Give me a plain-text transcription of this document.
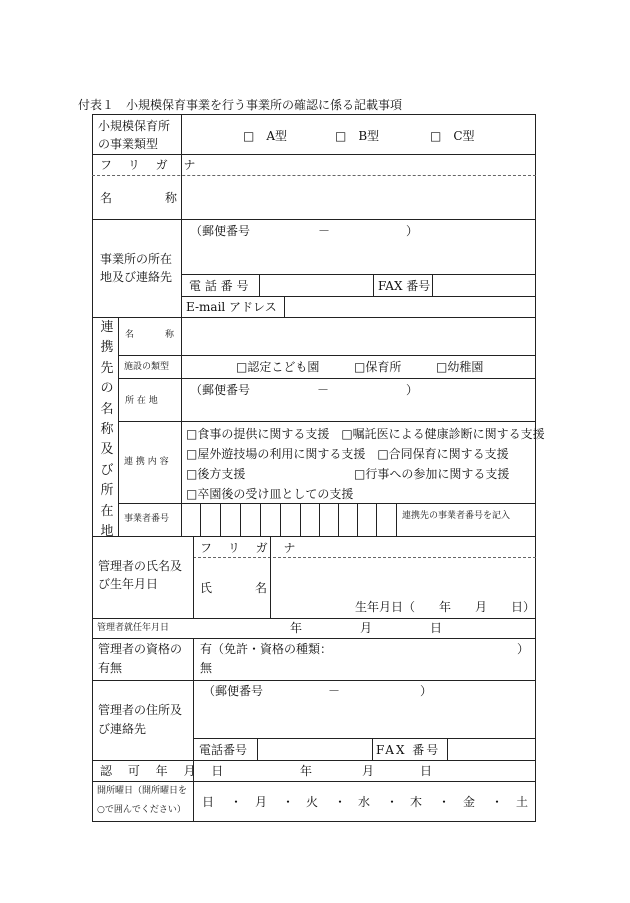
付表１　小規模保育事業を行う事業所の確認に係る記載事項
小規模保育所
の事業類型
□　A型	□　B型	□　C型
フ リ ガ ナ
名	称
事業所の所在
地及び連絡先
（郵便番号	－	）
電 話 番 号	FAX 番号
E-mail アドレス
連
携
先
の
名
称
及
び
所
在
地
名	称
施設の類型	□認定こども園	□保育所	□幼稚園
所 在 地
（郵便番号	－	）
連 携 内 容
□食事の提供に関する支援　□嘱託医による健康診断に関する支援
□屋外遊技場の利用に関する支援　□合同保育に関する支援
□後方支援	□行事への参加に関する支援
□卒園後の受け皿としての支援
事業者番号	連携先の事業者番号を記入
管理者の氏名及
び生年月日
フ リ ガ ナ
氏	名
生年月日（　　年　　月　　日）
管理者就任年月日	年	月	日
管理者の資格の
有無
有（免許・資格の種類：	）
無
管理者の住所及
び連絡先
（郵便番号	－	）
電話番号	FAX 番号
認 可 年 月 日	年	月	日
開所曜日（開所曜日を
○で囲んでください）
日 ・ 月 ・ 火 ・ 水 ・ 木 ・ 金 ・ 土
